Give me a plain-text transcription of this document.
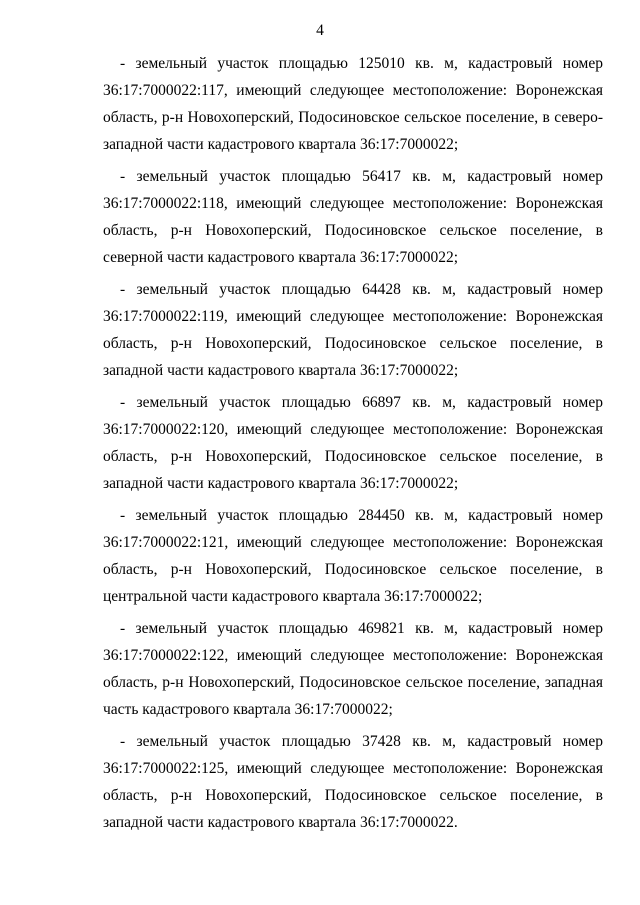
4

- земельный участок площадью 125010 кв. м, кадастровый номер 36:17:7000022:117, имеющий следующее местоположение: Воронежская область, р-н Новохоперский, Подосиновское сельское поселение, в северо-западной части кадастрового квартала 36:17:7000022;

- земельный участок площадью 56417 кв. м, кадастровый номер 36:17:7000022:118, имеющий следующее местоположение: Воронежская область, р-н Новохоперский, Подосиновское сельское поселение, в северной части кадастрового квартала 36:17:7000022;

- земельный участок площадью 64428 кв. м, кадастровый номер 36:17:7000022:119, имеющий следующее местоположение: Воронежская область, р-н Новохоперский, Подосиновское сельское поселение, в западной части кадастрового квартала 36:17:7000022;

- земельный участок площадью 66897 кв. м, кадастровый номер 36:17:7000022:120, имеющий следующее местоположение: Воронежская область, р-н Новохоперский, Подосиновское сельское поселение, в западной части кадастрового квартала 36:17:7000022;

- земельный участок площадью 284450 кв. м, кадастровый номер 36:17:7000022:121, имеющий следующее местоположение: Воронежская область, р-н Новохоперский, Подосиновское сельское поселение, в центральной части кадастрового квартала 36:17:7000022;

- земельный участок площадью 469821 кв. м, кадастровый номер 36:17:7000022:122, имеющий следующее местоположение: Воронежская область, р-н Новохоперский, Подосиновское сельское поселение, западная часть кадастрового квартала 36:17:7000022;

- земельный участок площадью 37428 кв. м, кадастровый номер 36:17:7000022:125, имеющий следующее местоположение: Воронежская область, р-н Новохоперский, Подосиновское сельское поселение, в западной части кадастрового квартала 36:17:7000022.
